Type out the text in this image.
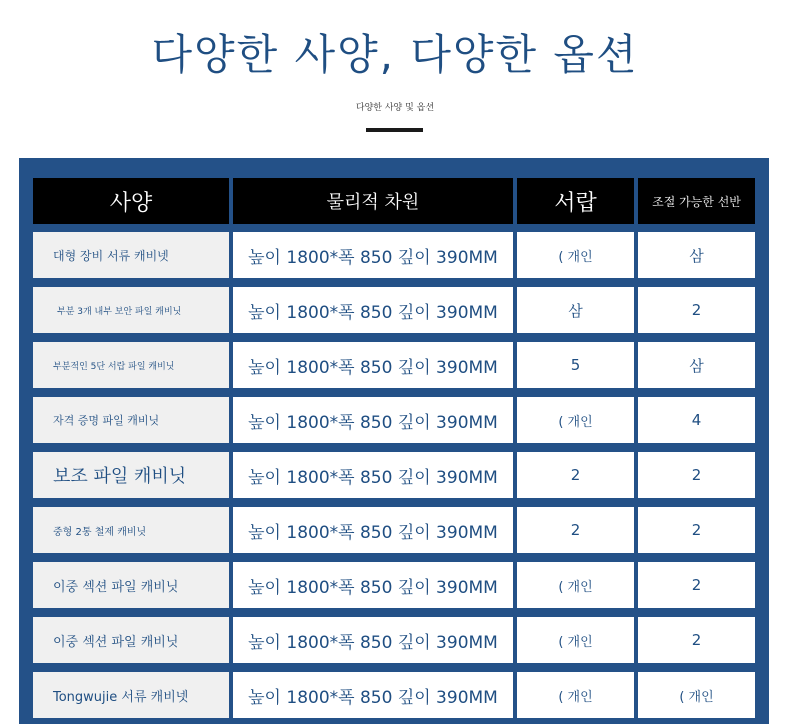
다양한 사양, 다양한 옵션
다양한 사양 및 옵션
사양	물리적 차원	서랍	조절 가능한 선반
대형 장비 서류 캐비넷	높이 1800*폭 850 깊이 390MM	( 개인	삼
부분 3개 내부 보안 파일 캐비닛	높이 1800*폭 850 깊이 390MM	삼	2
부분적인 5단 서랍 파일 캐비닛	높이 1800*폭 850 깊이 390MM	5	삼
자격 증명 파일 캐비닛	높이 1800*폭 850 깊이 390MM	( 개인	4
보조 파일 캐비닛	높이 1800*폭 850 깊이 390MM	2	2
중형 2통 철제 캐비닛	높이 1800*폭 850 깊이 390MM	2	2
이중 섹션 파일 캐비닛	높이 1800*폭 850 깊이 390MM	( 개인	2
이중 섹션 파일 캐비닛	높이 1800*폭 850 깊이 390MM	( 개인	2
Tongwujie 서류 캐비넷	높이 1800*폭 850 깊이 390MM	( 개인	( 개인
